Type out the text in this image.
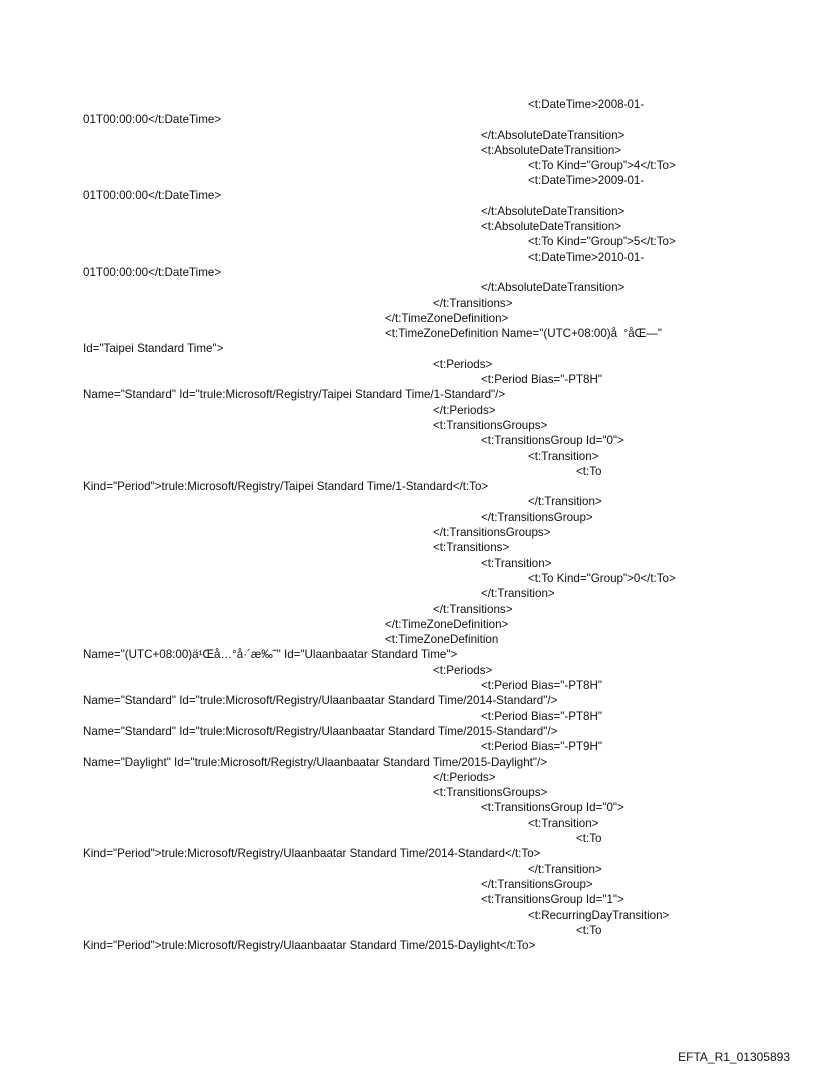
<t:DateTime>2008-01-
01T00:00:00</t:DateTime>
</t:AbsoluteDateTransition>
<t:AbsoluteDateTransition>
<t:To Kind="Group">4</t:To>
<t:DateTime>2009-01-
01T00:00:00</t:DateTime>
</t:AbsoluteDateTransition>
<t:AbsoluteDateTransition>
<t:To Kind="Group">5</t:To>
<t:DateTime>2010-01-
01T00:00:00</t:DateTime>
</t:AbsoluteDateTransition>
</t:Transitions>
</t:TimeZoneDefinition>
<t:TimeZoneDefinition Name="(UTC+08:00)å  °åŒ—"
Id="Taipei Standard Time">
<t:Periods>
<t:Period Bias="-PT8H"
Name="Standard" Id="trule:Microsoft/Registry/Taipei Standard Time/1-Standard"/>
</t:Periods>
<t:TransitionsGroups>
<t:TransitionsGroup Id="0">
<t:Transition>
<t:To
Kind="Period">trule:Microsoft/Registry/Taipei Standard Time/1-Standard</t:To>
</t:Transition>
</t:TransitionsGroup>
</t:TransitionsGroups>
<t:Transitions>
<t:Transition>
<t:To Kind="Group">0</t:To>
</t:Transition>
</t:Transitions>
</t:TimeZoneDefinition>
<t:TimeZoneDefinition
Name="(UTC+08:00)ä¹Œå…°å·´æ‰˜" Id="Ulaanbaatar Standard Time">
<t:Periods>
<t:Period Bias="-PT8H"
Name="Standard" Id="trule:Microsoft/Registry/Ulaanbaatar Standard Time/2014-Standard"/>
<t:Period Bias="-PT8H"
Name="Standard" Id="trule:Microsoft/Registry/Ulaanbaatar Standard Time/2015-Standard"/>
<t:Period Bias="-PT9H"
Name="Daylight" Id="trule:Microsoft/Registry/Ulaanbaatar Standard Time/2015-Daylight"/>
</t:Periods>
<t:TransitionsGroups>
<t:TransitionsGroup Id="0">
<t:Transition>
<t:To
Kind="Period">trule:Microsoft/Registry/Ulaanbaatar Standard Time/2014-Standard</t:To>
</t:Transition>
</t:TransitionsGroup>
<t:TransitionsGroup Id="1">
<t:RecurringDayTransition>
<t:To
Kind="Period">trule:Microsoft/Registry/Ulaanbaatar Standard Time/2015-Daylight</t:To>
EFTA_R1_01305893
